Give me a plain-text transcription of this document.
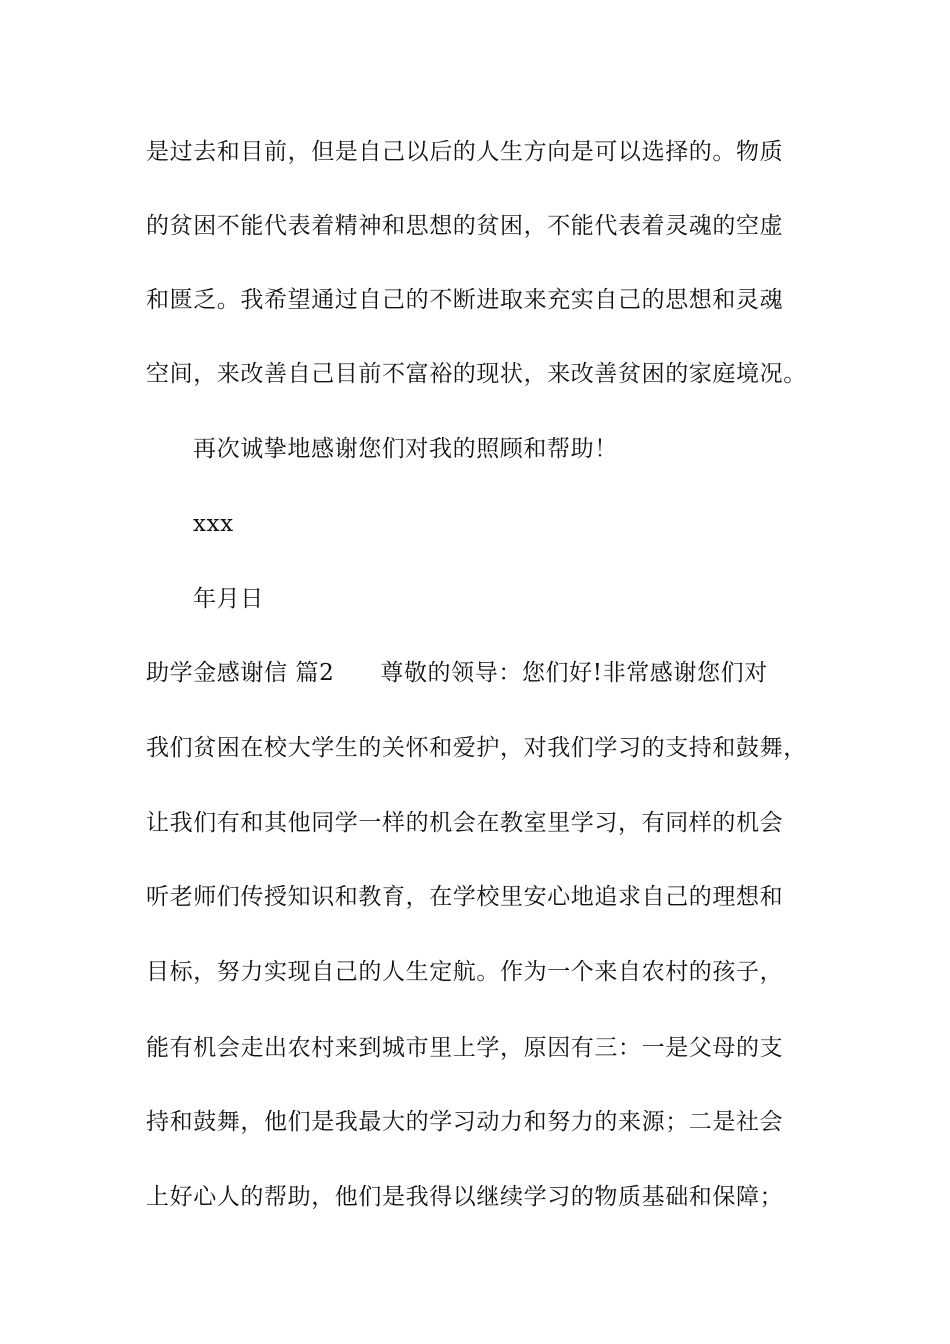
是过去和目前，但是自己以后的人生方向是可以选择的。物质
的贫困不能代表着精神和思想的贫困，不能代表着灵魂的空虚
和匮乏。我希望通过自己的不断进取来充实自己的思想和灵魂
空间，来改善自己目前不富裕的现状，来改善贫困的家庭境况。
再次诚挚地感谢您们对我的照顾和帮助！
xxx
年月日
助学金感谢信 篇2 尊敬的领导：您们好!非常感谢您们对
我们贫困在校大学生的关怀和爱护，对我们学习的支持和鼓舞，
让我们有和其他同学一样的机会在教室里学习，有同样的机会
听老师们传授知识和教育，在学校里安心地追求自己的理想和
目标，努力实现自己的人生定航。作为一个来自农村的孩子，
能有机会走出农村来到城市里上学，原因有三：一是父母的支
持和鼓舞，他们是我最大的学习动力和努力的来源；二是社会
上好心人的帮助，他们是我得以继续学习的物质基础和保障；
